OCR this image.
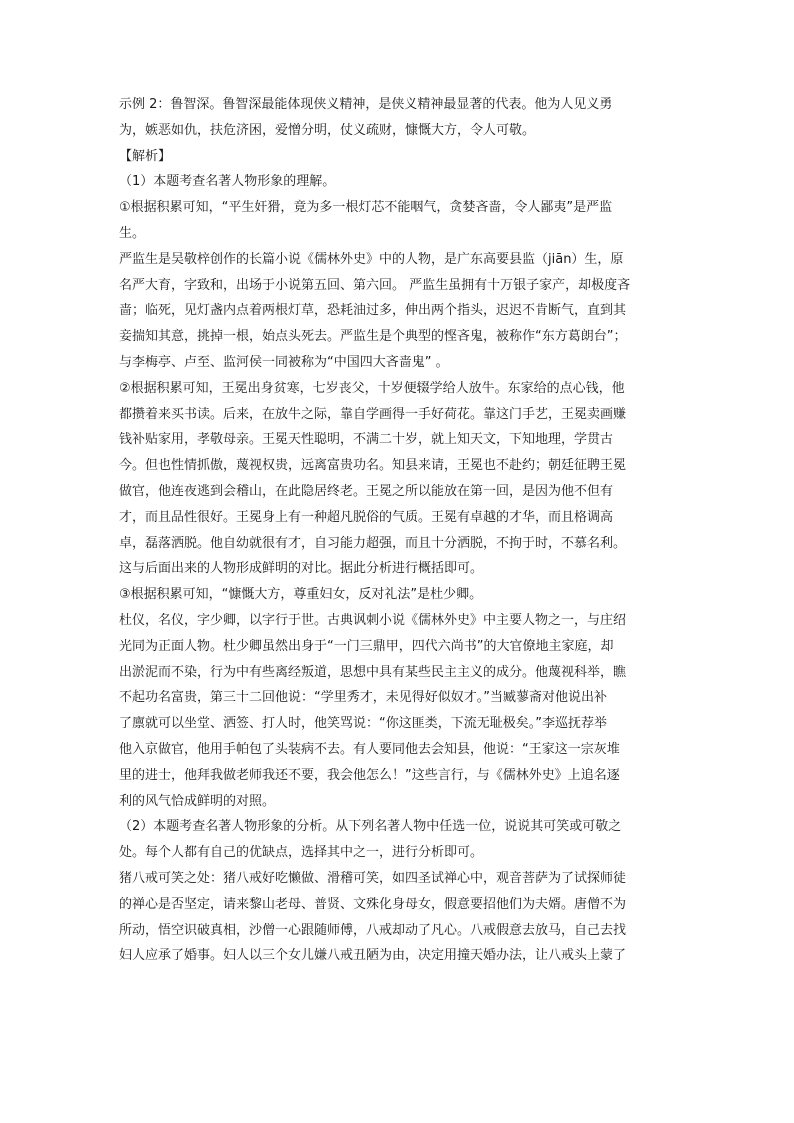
示例 2：鲁智深。鲁智深最能体现侠义精神，是侠义精神最显著的代表。他为人见义勇
为，嫉恶如仇，扶危济困，爱憎分明，仗义疏财，慷慨大方，令人可敬。
【解析】
（1）本题考查名著人物形象的理解。
①根据积累可知，“平生奸猾，竟为多一根灯芯不能咽气，贪婪吝啬，令人鄙夷”是严监
生。
严监生是吴敬梓创作的长篇小说《儒林外史》中的人物，是广东高要县监（jiān）生，原
名严大育，字致和，出场于小说第五回、第六回。 严监生虽拥有十万银子家产，却极度吝
啬；临死，见灯盏内点着两根灯草，恐耗油过多，伸出两个指头，迟迟不肯断气，直到其
妾揣知其意，挑掉一根，始点头死去。严监生是个典型的悭吝鬼，被称作“东方葛朗台”；
与李梅亭、卢至、监河侯一同被称为“中国四大吝啬鬼” 。
②根据积累可知，王冕出身贫寒，七岁丧父，十岁便辍学给人放牛。东家给的点心钱，他
都攒着来买书读。后来，在放牛之际，靠自学画得一手好荷花。靠这门手艺，王冕卖画赚
钱补贴家用，孝敬母亲。王冕天性聪明，不满二十岁，就上知天文，下知地理，学贯古
今。但也性情抓傲，蔑视权贵，远离富贵功名。知县来请，王冕也不赴约；朝廷征聘王冕
做官，他连夜逃到会稽山，在此隐居终老。王冕之所以能放在第一回，是因为他不但有
才，而且品性很好。王冕身上有一种超凡脱俗的气质。王冕有卓越的才华，而且格调高
卓，磊落洒脱。他自幼就很有才，自习能力超强，而且十分洒脱，不拘于时，不慕名利。
这与后面出来的人物形成鲜明的对比。据此分析进行概括即可。
③根据积累可知，“慷慨大方，尊重妇女，反对礼法”是杜少卿。
杜仪，名仪，字少卿，以字行于世。古典讽刺小说《儒林外史》中主要人物之一，与庄绍
光同为正面人物。杜少卿虽然出身于“一门三鼎甲，四代六尚书”的大官僚地主家庭，却
出淤泥而不染，行为中有些离经叛道，思想中具有某些民主主义的成分。他蔑视科举，瞧
不起功名富贵，第三十二回他说：“学里秀才，未见得好似奴才。”当臧蓼斋对他说出补
了廪就可以坐堂、洒签、打人时，他笑骂说：“你这匪类，下流无耻极矣。”李巡抚荐举
他入京做官，他用手帕包了头装病不去。有人要同他去会知县，他说：“王家这一宗灰堆
里的进士，他拜我做老师我还不要，我会他怎么！”这些言行，与《儒林外史》上追名逐
利的风气恰成鲜明的对照。
（2）本题考查名著人物形象的分析。从下列名著人物中任选一位，说说其可笑或可敬之
处。每个人都有自己的优缺点，选择其中之一，进行分析即可。
猪八戒可笑之处：猪八戒好吃懒做、滑稽可笑，如四圣试禅心中，观音菩萨为了试探师徒
的禅心是否坚定，请来黎山老母、普贤、文殊化身母女，假意要招他们为夫婿。唐僧不为
所动，悟空识破真相，沙僧一心跟随师傅，八戒却动了凡心。八戒假意去放马，自己去找
妇人应承了婚事。妇人以三个女儿嫌八戒丑陋为由，决定用撞天婚办法，让八戒头上蒙了
